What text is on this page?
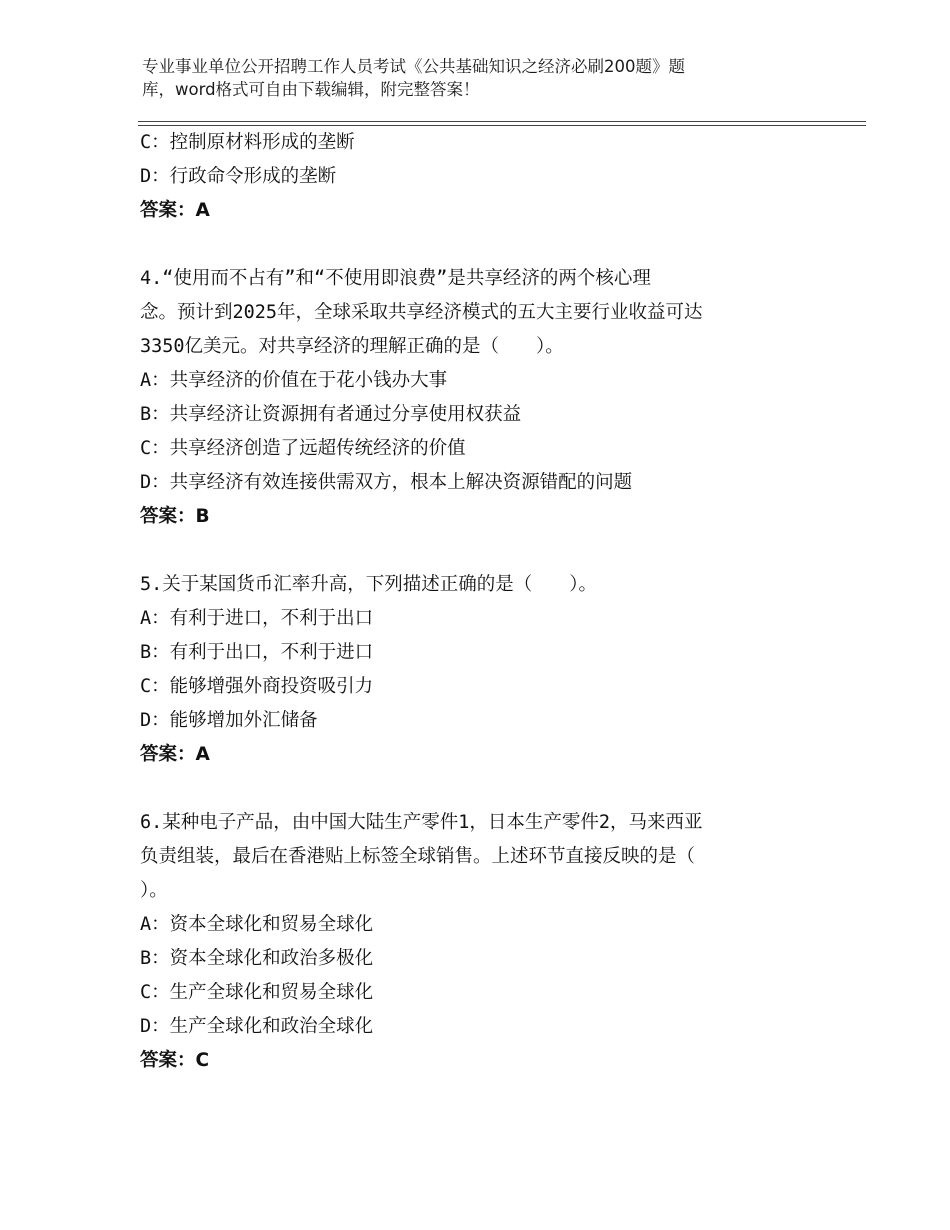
专业事业单位公开招聘工作人员考试《公共基础知识之经济必刷200题》题
库，word格式可自由下载编辑，附完整答案！
C：控制原材料形成的垄断
D：行政命令形成的垄断
答案：A
4.“使用而不占有”和“不使用即浪费”是共享经济的两个核心理
念。预计到2025年，全球采取共享经济模式的五大主要行业收益可达
3350亿美元。对共享经济的理解正确的是（　　）。
A：共享经济的价值在于花小钱办大事
B：共享经济让资源拥有者通过分享使用权获益
C：共享经济创造了远超传统经济的价值
D：共享经济有效连接供需双方，根本上解决资源错配的问题
答案：B
5.关于某国货币汇率升高，下列描述正确的是（　　）。
A：有利于进口，不利于出口
B：有利于出口，不利于进口
C：能够增强外商投资吸引力
D：能够增加外汇储备
答案：A
6.某种电子产品，由中国大陆生产零件1，日本生产零件2，马来西亚
负责组装，最后在香港贴上标签全球销售。上述环节直接反映的是（
）。
A：资本全球化和贸易全球化
B：资本全球化和政治多极化
C：生产全球化和贸易全球化
D：生产全球化和政治全球化
答案：C
